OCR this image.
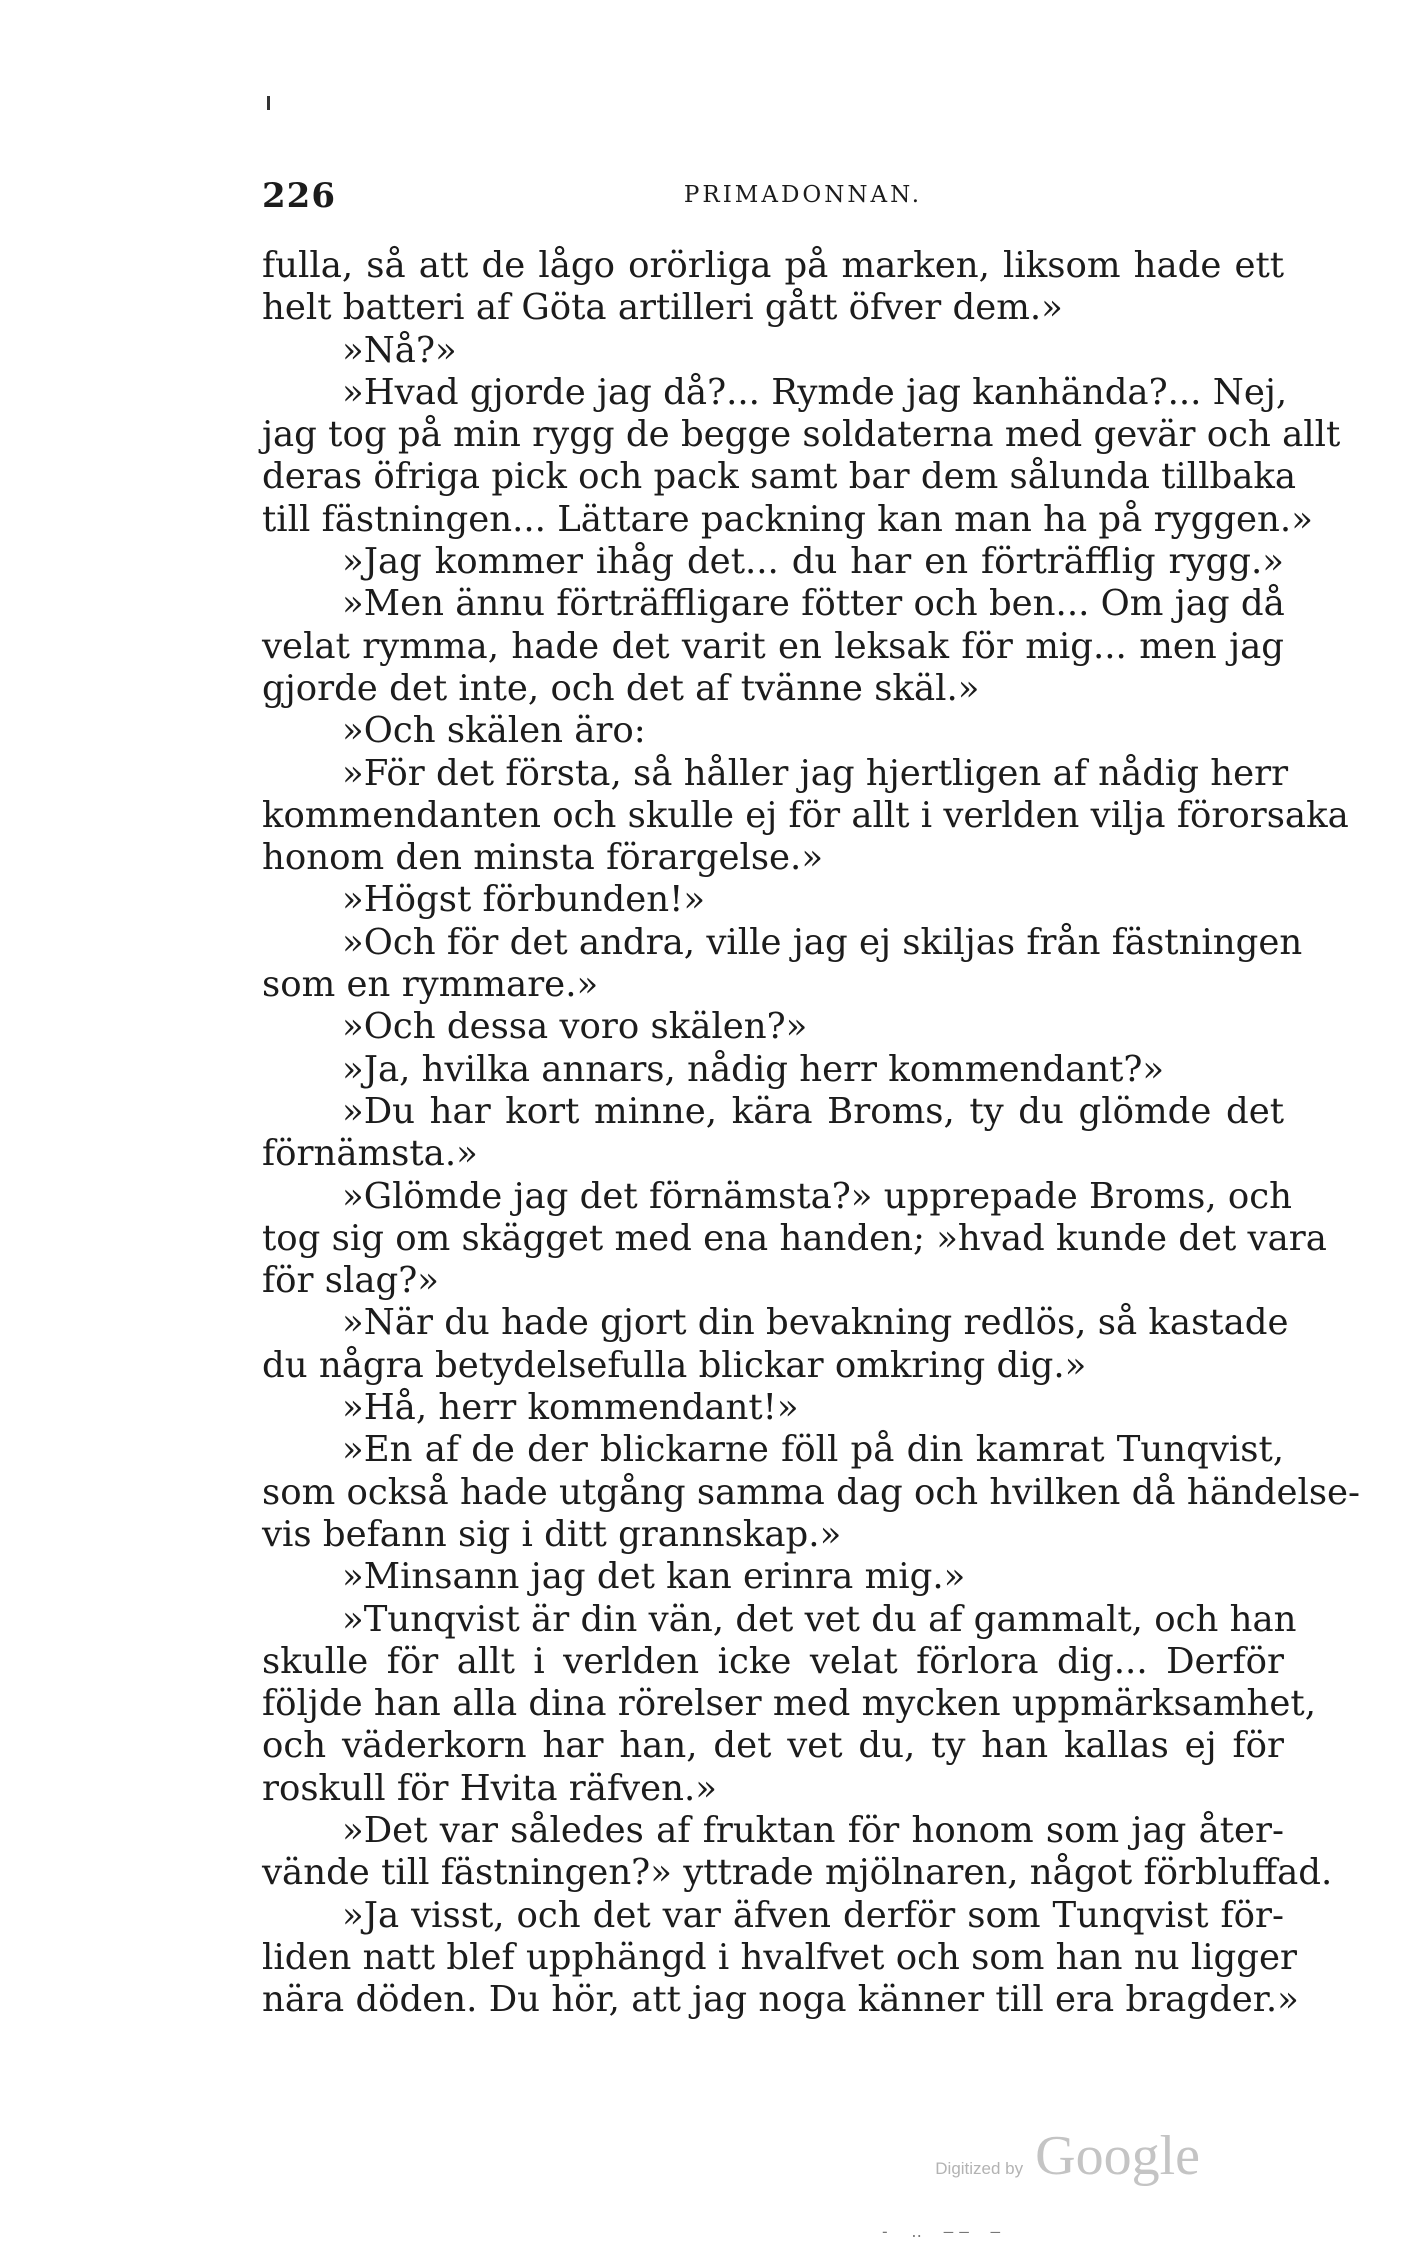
226	PRIMADONNAN.
fulla, så att de lågo orörliga på marken, liksom hade ett
helt batteri af Göta artilleri gått öfver dem.»
»Nå?»
»Hvad gjorde jag då?... Rymde jag kanhända?... Nej,
jag tog på min rygg de begge soldaterna med gevär och allt
deras öfriga pick och pack samt bar dem sålunda tillbaka
till fästningen... Lättare packning kan man ha på ryggen.»
»Jag kommer ihåg det... du har en förträfflig rygg.»
»Men ännu förträffligare fötter och ben... Om jag då
velat rymma, hade det varit en leksak för mig... men jag
gjorde det inte, och det af tvänne skäl.»
»Och skälen äro:
»För det första, så håller jag hjertligen af nådig herr
kommendanten och skulle ej för allt i verlden vilja förorsaka
honom den minsta förargelse.»
»Högst förbunden!»
»Och för det andra, ville jag ej skiljas från fästningen
som en rymmare.»
»Och dessa voro skälen?»
»Ja, hvilka annars, nådig herr kommendant?»
»Du har kort minne, kära Broms, ty du glömde det
förnämsta.»
»Glömde jag det förnämsta?» upprepade Broms, och
tog sig om skägget med ena handen; »hvad kunde det vara
för slag?»
»När du hade gjort din bevakning redlös, så kastade
du några betydelsefulla blickar omkring dig.»
»Hå, herr kommendant!»
»En af de der blickarne föll på din kamrat Tunqvist,
som också hade utgång samma dag och hvilken då händelse-
vis befann sig i ditt grannskap.»
»Minsann jag det kan erinra mig.»
»Tunqvist är din vän, det vet du af gammalt, och han
skulle för allt i verlden icke velat förlora dig... Derför
följde han alla dina rörelser med mycken uppmärksamhet,
och väderkorn har han, det vet du, ty han kallas ej för
roskull för Hvita räfven.»
»Det var således af fruktan för honom som jag åter-
vände till fästningen?» yttrade mjölnaren, något förbluffad.
»Ja visst, och det var äfven derför som Tunqvist för-
liden natt blef upphängd i hvalfvet och som han nu ligger
nära döden. Du hör, att jag noga känner till era bragder.»
Digitized by Google
‐ ‥ ‒‒ ‒
